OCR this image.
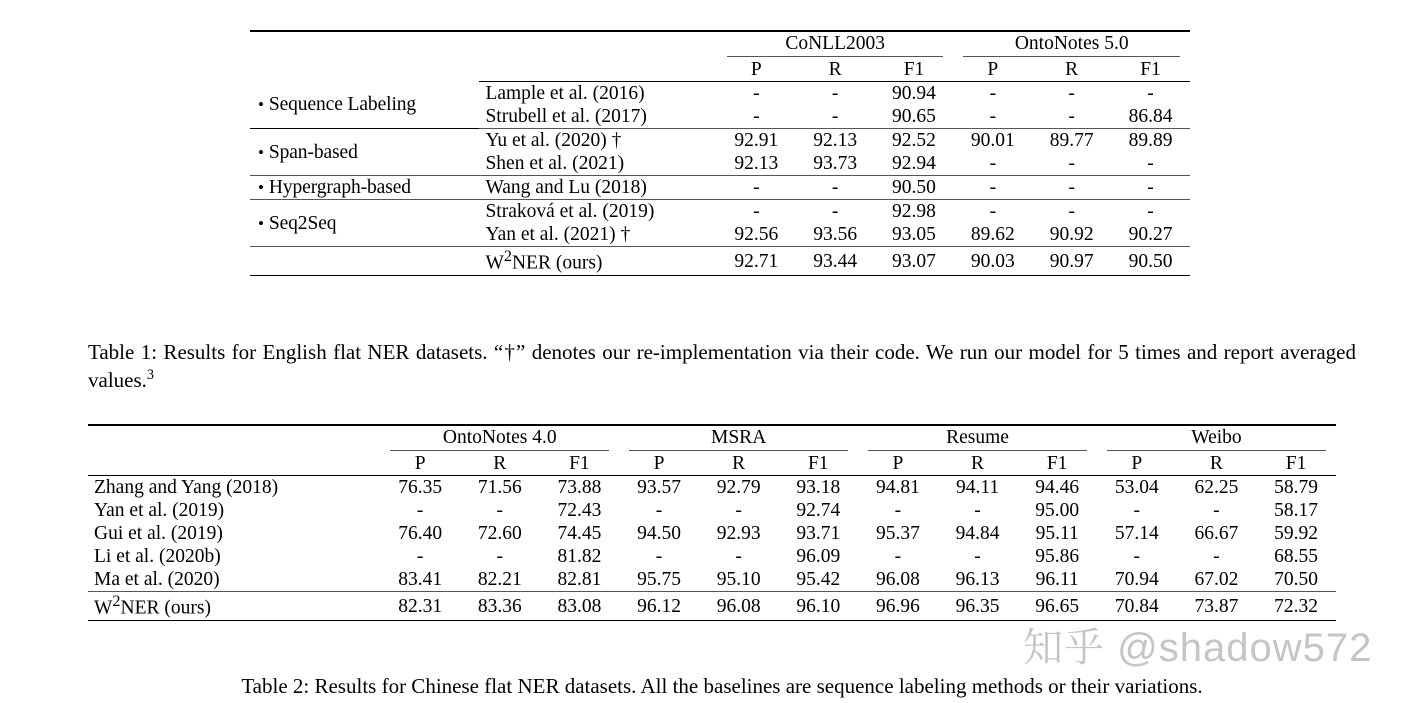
		CoNLL2003			OntoNotes 5.0		

		P	R	F1	P	R	F1
• Sequence Labeling	Lample et al. (2016)	-	-	90.94	-	-	-
	Strubell et al. (2017)	-	-	90.65	-	-	86.84
• Span-based	Yu et al. (2020) †	92.91	92.13	92.52	90.01	89.77	89.89
	Shen et al. (2021)	92.13	93.73	92.94	-	-	-
• Hypergraph-based	Wang and Lu (2018)	-	-	90.50	-	-	-
• Seq2Seq	Straková et al. (2019)	-	-	92.98	-	-	-
	Yan et al. (2021) †	92.56	93.56	93.05	89.62	90.92	90.27
	$W^2NER$ (ours)	92.71	93.44	93.07	90.03	90.97	90.50

Table 1: Results for English flat NER datasets. “†” denotes our re-implementation via their code. We run our model for 5 times and report averaged values.$^3$

	OntoNotes 4.0			MSRA			Resume			Weibo		

	P	R	F1	P	R	F1	P	R	F1	P	R	F1
Zhang and Yang (2018)	76.35	71.56	73.88	93.57	92.79	93.18	94.81	94.11	94.46	53.04	62.25	58.79
Yan et al. (2019)	-	-	72.43	-	-	92.74	-	-	95.00	-	-	58.17
Gui et al. (2019)	76.40	72.60	74.45	94.50	92.93	93.71	95.37	94.84	95.11	57.14	66.67	59.92
Li et al. (2020b)	-	-	81.82	-	-	96.09	-	-	95.86	-	-	68.55
Ma et al. (2020)	83.41	82.21	82.81	95.75	95.10	95.42	96.08	96.13	96.11	70.94	67.02	70.50
$W^2NER$ (ours)	82.31	83.36	83.08	96.12	96.08	96.10	96.96	96.35	96.65	70.84	73.87	72.32

Table 2: Results for Chinese flat NER datasets. All the baselines are sequence labeling methods or their variations.
知乎 @shadow572
